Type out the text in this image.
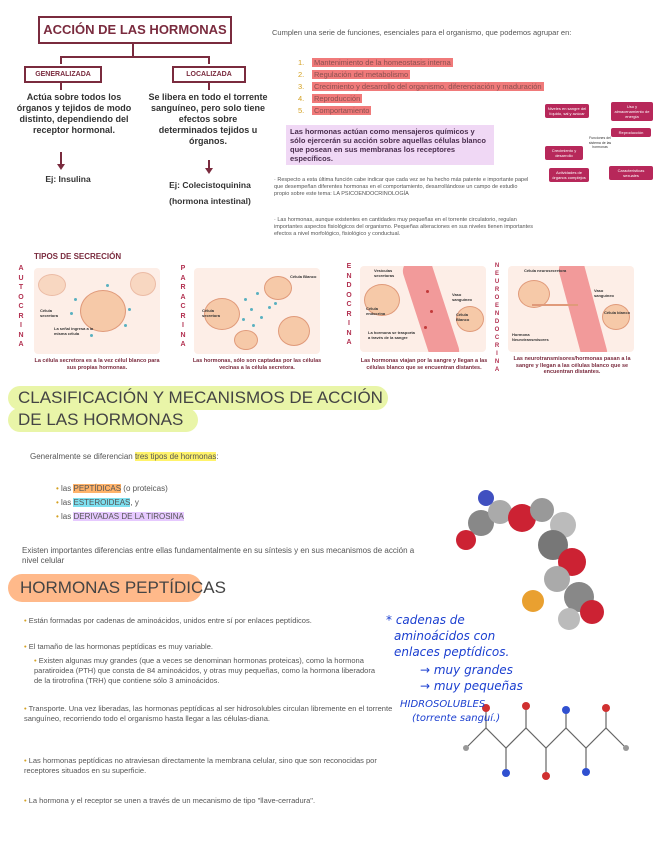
ACCIÓN DE LAS HORMONAS
GENERALIZADA	LOCALIZADA
Actúa sobre todos los órganos y tejidos de modo distinto, dependiendo del receptor hormonal.
Se libera en todo el torrente sanguíneo, pero solo tiene efectos sobre determinados tejidos u órganos.
Ej: Insulina
Ej: Colecistoquinina
(hormona intestinal)
Cumplen una serie de funciones, esenciales para el organismo, que podemos agrupar en:
1. Mantenimiento de la homeostasis interna
2. Regulación del metabolismo
3. Crecimiento y desarrollo del organismo, diferenciación y maduración
4. Reproducción
5. Comportamiento
Las hormonas actúan como mensajeros químicos y sólo ejercerán su acción sobre aquellas células blanco que posean en sus membranas los receptores específicos.
· Respecto a esta última función cabe indicar que cada vez se ha hecho más patente e importante papel que desempeñan diferentes hormonas en el comportamiento, desarrollándose un campo de estudio propio sobre este tema: LA PSICOENDOCRINOLOGÍA
· Las hormonas, aunque existentes en cantidades muy pequeñas en el torrente circulatorio, regulan importantes aspectos fisiológicos del organismo. Pequeñas alteraciones en sus niveles tienen importantes efectos a nivel morfológico, fisiológico y conductual.
Niveles en sangre del líquido, sal y azúcar
Uso y almacenamiento de energía
Funciones del sistema de las hormonas
Reproducción
Crecimiento y desarrollo
Actividades de órganos complejos
Características sexuales
TIPOS DE SECRECIÓN
A
U
T
O
C
R
I
N
A
Célula secretora
La señal ingresa a la misma célula
La célula secretora es a la vez célul blanco para sus propias hormonas.
P
A
R
A
C
R
I
N
A
Célula secretora
Célula Blanco
Las hormonas, sólo son captadas por las células vecinas a la célula secretora.
E
N
D
O
C
R
I
N
A
Vesículas secretoras
Vaso sanguíneo
Célula endocrina	Célula Blanco
La hormona se trasporta a través de la sangre
Las hormonas viajan por la sangre y llegan a las células blanco que se encuentran distantes.
N
E
U
R
O
E
N
D
O
C
R
I
N
A
Célula neurosecretora
Vaso sanguíneo
Célula blanco
Hormona Neurotransmisores
Las neurotransmisores/hormonas pasan a la sangre y llegan a las células blanco que se encuentran distantes.
CLASIFICACIÓN Y MECANISMOS DE ACCIÓN
DE LAS HORMONAS
Generalmente se diferencian tres tipos de hormonas:
• las PEPTÍDICAS (o proteicas)
• las ESTEROIDEAS, y
• las DERIVADAS DE LA TIROSINA
Existen importantes diferencias entre ellas fundamentalmente en su síntesis y en sus mecanismos de acción a nivel celular
HORMONAS PEPTÍDICAS
• Están formadas por cadenas de aminoácidos, unidos entre sí por enlaces peptídicos.
• El tamaño de las hormonas peptídicas es muy variable.
• Existen algunas muy grandes (que a veces se denominan hormonas proteicas), como la hormona paratiroidea (PTH) que consta de 84 aminoácidos, y otras muy pequeñas, como la hormona liberadora de la tirotrofina (TRH) que contiene sólo 3 aminoácidos.
• Transporte. Una vez liberadas, las hormonas peptídicas al ser hidrosolubles circulan libremente en el torrente sanguíneo, recorriendo todo el organismo hasta llegar a las células-diana.
• Las hormonas peptídicas no atraviesan directamente la membrana celular, sino que son reconocidas por receptores situados en su superficie.
• La hormona y el receptor se unen a través de un mecanismo de tipo "llave-cerradura".
* cadenas de
aminoácidos con
enlaces peptídicos.
→ muy grandes
→ muy pequeñas
HIDROSOLUBLES
(torrente sanguí.)
